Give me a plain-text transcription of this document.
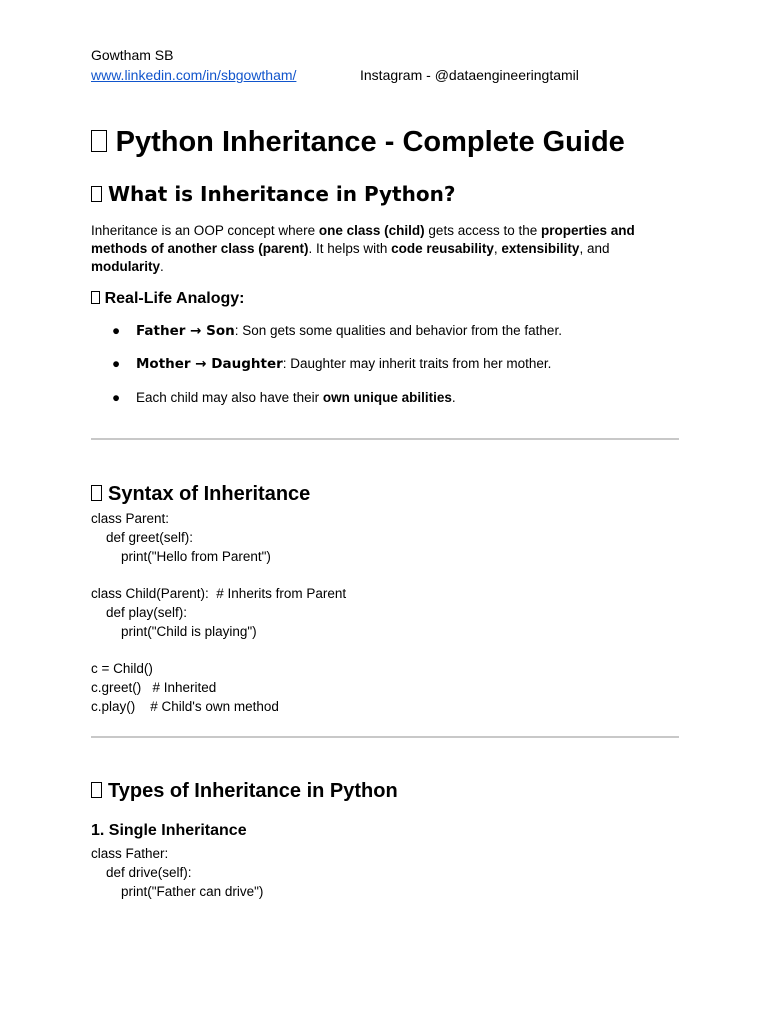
Gowtham SB
www.linkedin.com/in/sbgowtham/	Instagram - @dataengineeringtamil
Python Inheritance - Complete Guide
What is Inheritance in Python?
Inheritance is an OOP concept where one class (child) gets access to the properties and methods of another class (parent). It helps with code reusability, extensibility, and modularity.
Real-Life Analogy:
● Father → Son: Son gets some qualities and behavior from the father.
● Mother → Daughter: Daughter may inherit traits from her mother.
● Each child may also have their own unique abilities.
Syntax of Inheritance
class Parent:
def greet(self):
print("Hello from Parent")
class Child(Parent):  # Inherits from Parent
def play(self):
print("Child is playing")
c = Child()
c.greet()   # Inherited
c.play()    # Child's own method
Types of Inheritance in Python
1. Single Inheritance
class Father:
def drive(self):
print("Father can drive")
